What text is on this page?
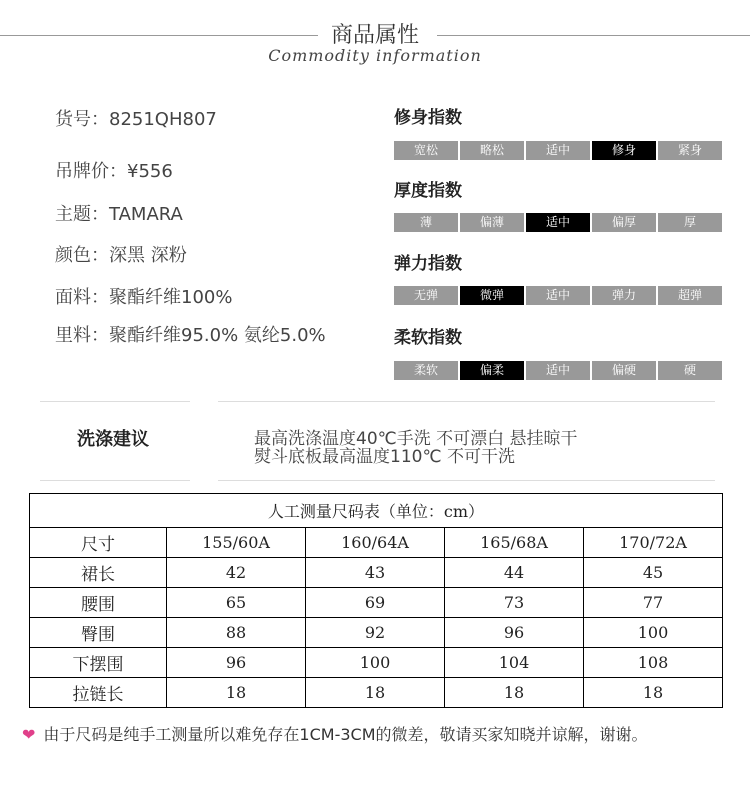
商品属性
Commodity information
货号：8251QH807
吊牌价：¥556
主题：TAMARA
颜色：深黑 深粉
面料：聚酯纤维100%
里料：聚酯纤维95.0% 氨纶5.0%
修身指数
宽松	略松	适中	修身	紧身
厚度指数
薄	偏薄	适中	偏厚	厚
弹力指数
无弹	微弹	适中	弹力	超弹
柔软指数
柔软	偏柔	适中	偏硬	硬
洗涤建议	最高洗涤温度40℃手洗 不可漂白 悬挂晾干
熨斗底板最高温度110℃ 不可干洗
人工测量尺码表（单位：cm）				
尺寸	155/60A	160/64A	165/68A	170/72A
裙长	42	43	44	45
腰围	65	69	73	77
臀围	88	92	96	100
下摆围	96	100	104	108
拉链长	18	18	18	18
❤ 由于尺码是纯手工测量所以难免存在1CM-3CM的微差，敬请买家知晓并谅解，谢谢。
